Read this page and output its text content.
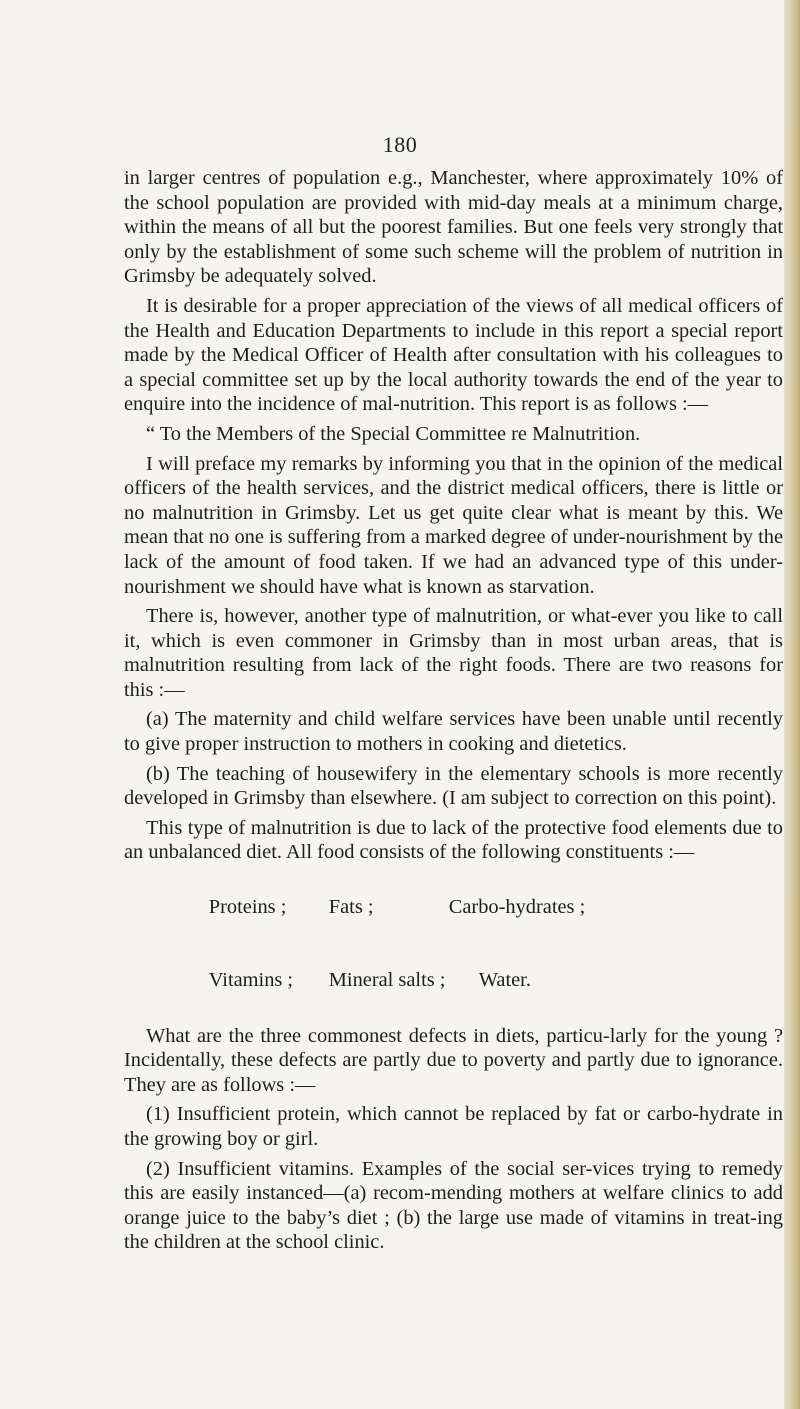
180

in larger centres of population e.g., Manchester, where approximately 10% of the school population are provided with mid-day meals at a minimum charge, within the means of all but the poorest families. But one feels very strongly that only by the establishment of some such scheme will the problem of nutrition in Grimsby be adequately solved.

It is desirable for a proper appreciation of the views of all medical officers of the Health and Education Departments to include in this report a special report made by the Medical Officer of Health after consultation with his colleagues to a special committee set up by the local authority towards the end of the year to enquire into the incidence of mal-nutrition. This report is as follows :—

“ To the Members of the Special Committee re Malnutrition.

I will preface my remarks by informing you that in the opinion of the medical officers of the health services, and the district medical officers, there is little or no malnutrition in Grimsby. Let us get quite clear what is meant by this. We mean that no one is suffering from a marked degree of under-nourishment by the lack of the amount of food taken. If we had an advanced type of this under-nourishment we should have what is known as starvation.

There is, however, another type of malnutrition, or what-ever you like to call it, which is even commoner in Grimsby than in most urban areas, that is malnutrition resulting from lack of the right foods. There are two reasons for this :—

(a) The maternity and child welfare services have been unable until recently to give proper instruction to mothers in cooking and dietetics.

(b) The teaching of housewifery in the elementary schools is more recently developed in Grimsby than elsewhere. (I am subject to correction on this point).

This type of malnutrition is due to lack of the protective food elements due to an unbalanced diet. All food consists of the following constituents :—

Proteins ; Fats ;	Carbo-hydrates ;

Vitamins ; Mineral salts ; Water.

What are the three commonest defects in diets, particu-larly for the young ? Incidentally, these defects are partly due to poverty and partly due to ignorance. They are as follows :—

(1) Insufficient protein, which cannot be replaced by fat or carbo-hydrate in the growing boy or girl.

(2) Insufficient vitamins. Examples of the social ser-vices trying to remedy this are easily instanced—(a) recom-mending mothers at welfare clinics to add orange juice to the baby’s diet ; (b) the large use made of vitamins in treat-ing the children at the school clinic.
